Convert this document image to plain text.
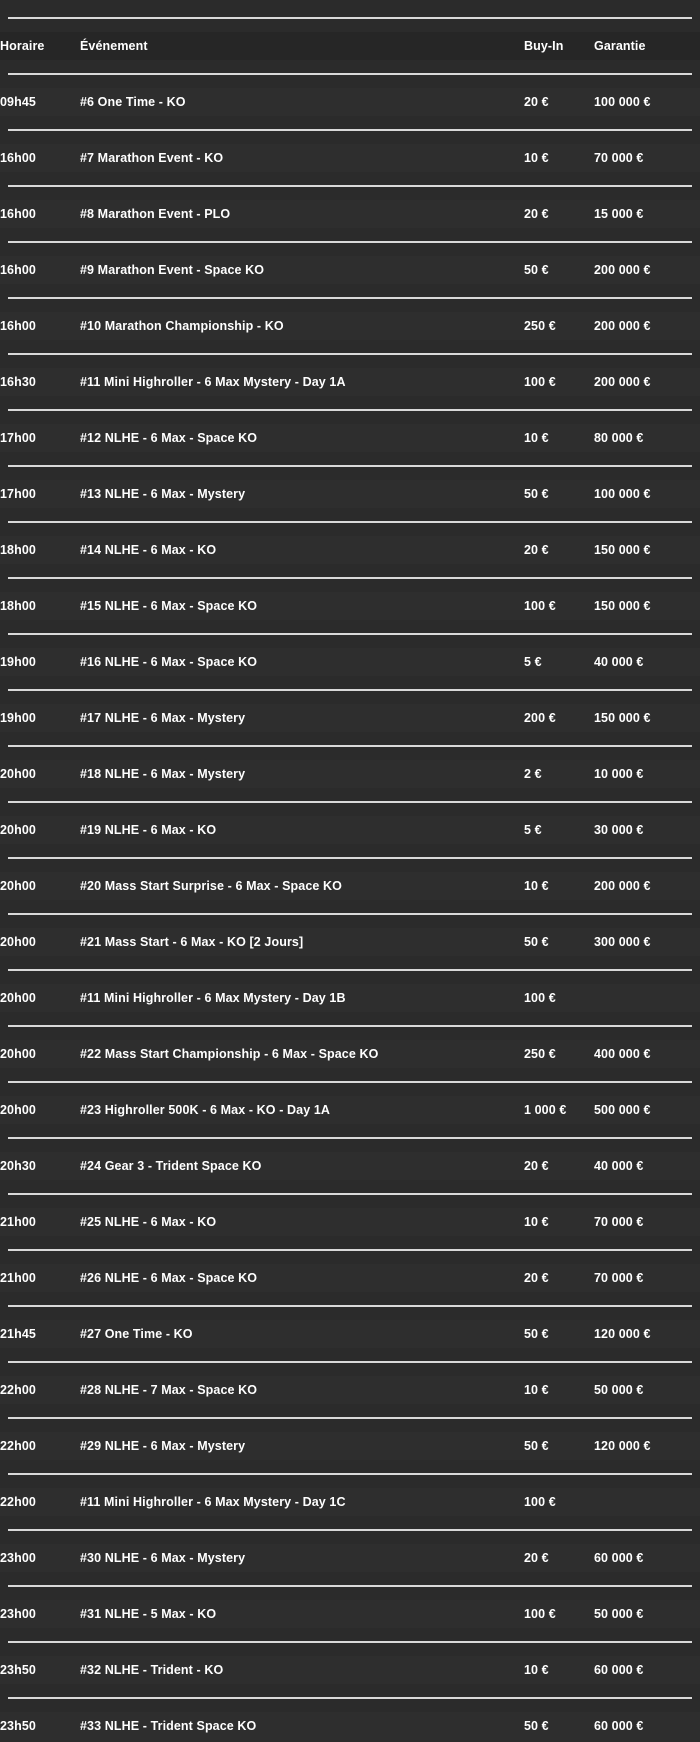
Horaire	Événement	Buy-In	Garantie

09h45	#6 One Time - KO	20 €	100 000 €

16h00	#7 Marathon Event - KO	10 €	70 000 €

16h00	#8 Marathon Event - PLO	20 €	15 000 €

16h00	#9 Marathon Event - Space KO	50 €	200 000 €

16h00	#10 Marathon Championship - KO	250 €	200 000 €

16h30	#11 Mini Highroller - 6 Max Mystery - Day 1A	100 €	200 000 €

17h00	#12 NLHE - 6 Max - Space KO	10 €	80 000 €

17h00	#13 NLHE - 6 Max - Mystery	50 €	100 000 €

18h00	#14 NLHE - 6 Max - KO	20 €	150 000 €

18h00	#15 NLHE - 6 Max - Space KO	100 €	150 000 €

19h00	#16 NLHE - 6 Max - Space KO	5 €	40 000 €

19h00	#17 NLHE - 6 Max - Mystery	200 €	150 000 €

20h00	#18 NLHE - 6 Max - Mystery	2 €	10 000 €

20h00	#19 NLHE - 6 Max - KO	5 €	30 000 €

20h00	#20 Mass Start Surprise - 6 Max - Space KO	10 €	200 000 €

20h00	#21 Mass Start - 6 Max - KO [2 Jours]	50 €	300 000 €

20h00	#11 Mini Highroller - 6 Max Mystery - Day 1B	100 €	

20h00	#22 Mass Start Championship - 6 Max - Space KO	250 €	400 000 €

20h00	#23 Highroller 500K - 6 Max - KO - Day 1A	1 000 €	500 000 €

20h30	#24 Gear 3 - Trident Space KO	20 €	40 000 €

21h00	#25 NLHE - 6 Max - KO	10 €	70 000 €

21h00	#26 NLHE - 6 Max - Space KO	20 €	70 000 €

21h45	#27 One Time - KO	50 €	120 000 €

22h00	#28 NLHE - 7 Max - Space KO	10 €	50 000 €

22h00	#29 NLHE - 6 Max - Mystery	50 €	120 000 €

22h00	#11 Mini Highroller - 6 Max Mystery - Day 1C	100 €	

23h00	#30 NLHE - 6 Max - Mystery	20 €	60 000 €

23h00	#31 NLHE - 5 Max - KO	100 €	50 000 €

23h50	#32 NLHE - Trident - KO	10 €	60 000 €

23h50	#33 NLHE - Trident Space KO	50 €	60 000 €
